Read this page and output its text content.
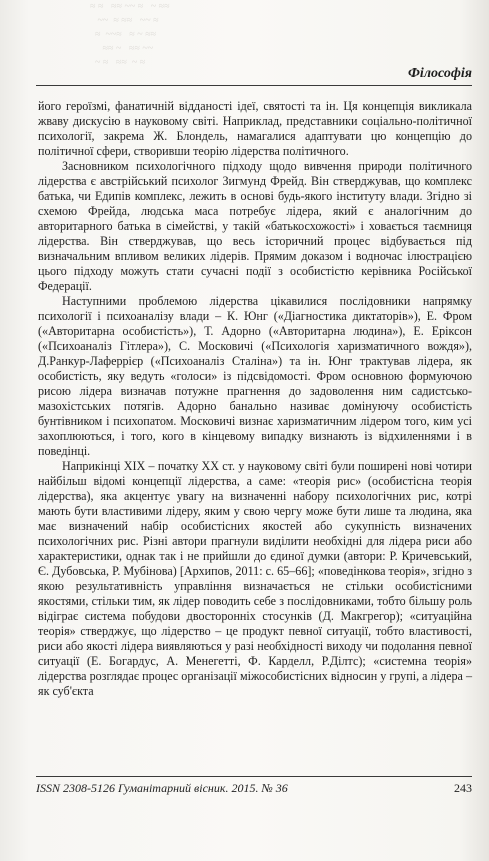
≈ ≈   ≈≈ ~~ ≈   ~ ≈≈
~~  ≈ ≈≈   ~~ ≈
≈  ~~≈   ≈ ~ ≈≈
≈≈ ~   ≈≈ ~~
~ ≈   ≈≈  ~ ≈
Філософія

його героїзмі, фанатичній відданості ідеї, святості та ін. Ця концепція викликала жваву дискусію в науковому світі. Наприклад, представники соціально-політичної психології, закрема Ж. Блондель, намагалися адаптувати цю концепцію до політичної сфери, створивши теорію лідерства політичного.

Засновником психологічного підходу щодо вивчення природи політичного лідерства є австрійський психолог Зигмунд Фрейд. Він стверджував, що комплекс батька, чи Едипів комплекс, лежить в основі будь-якого інституту влади. Згідно зі схемою Фрейда, людська маса потребує лідера, який є аналогічним до авторитарного батька в сімействі, у такій «батькосхожості» і ховається таємниця лідерства. Він стверджував, що весь історичний процес відбувається під визначальним впливом великих лідерів. Прямим доказом і водночас ілюстрацією цього підходу можуть стати сучасні події з особистістю керівника Російської Федерації.

Наступними проблемою лідерства цікавилися послідовники напрямку психології і психоаналізу влади – К. Юнг («Діагностика диктаторів»), Е. Фром («Авторитарна особистість»), Т. Адорно («Авторитарна людина»), Е. Еріксон («Психоаналіз Гітлера»), С. Московичі («Психологія харизматичного вождя»), Д.Ранкур-Лаферрієр («Психоаналіз Сталіна») та ін. Юнг трактував лідера, як особистість, яку ведуть «голоси» із підсвідомості. Фром основною формуючою рисою лідера визначав потужне прагнення до задоволення ним садистсько-мазохістських потягів. Адорно банально називає домінуючу особистість бунтівником і психопатом. Московичі визнає харизматичним лідером того, ким усі захоплюються, і того, кого в кінцевому випадку визнають із відхиленнями і в поведінці.

Наприкінці XIX – початку XX ст. у науковому світі були поширені нові чотири найбільш відомі концепції лідерства, а саме: «теорія рис» (особистісна теорія лідерства), яка акцентує увагу на визначенні набору психологічних рис, котрі мають бути властивими лідеру, яким у свою чергу може бути лише та людина, яка має визначений набір особистісних якостей або сукупність визначених психологічних рис. Різні автори прагнули виділити необхідні для лідера риси або характеристики, однак так і не прийшли до єдиної думки (автори: Р. Кричевський, Є. Дубовська, Р. Мубінова) [Архипов, 2011: с. 65–66]; «поведінкова теорія», згідно з якою результативність управління визначається не стільки особистісними якостями, стільки тим, як лідер поводить себе з послідовниками, тобто більшу роль відіграє система побудови двосторонніх стосунків (Д. Макгрегор); «ситуаційна теорія» стверджує, що лідерство – це продукт певної ситуації, тобто властивості, риси або якості лідера виявляються у разі необхідності виходу чи подолання певної ситуації (Е. Богардус, А. Менегетті, Ф. Карделл, Р.Ділтс); «системна теорія» лідерства розглядає процес організації міжособистісних відносин у групі, а лідера – як суб'єкта

ISSN 2308-5126 Гуманітарний вісник. 2015. № 36	243
